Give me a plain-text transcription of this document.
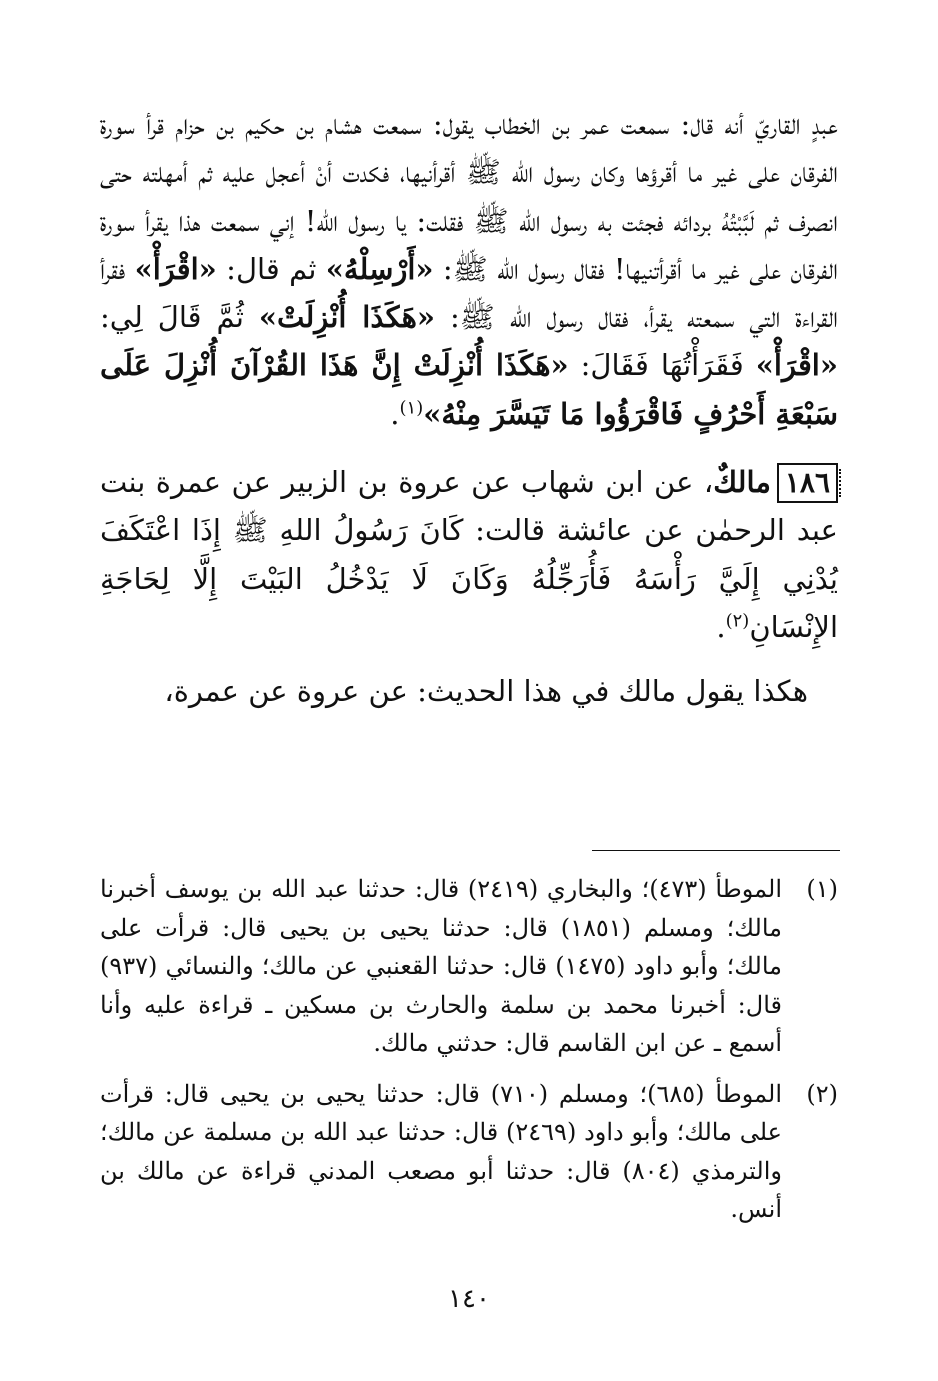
عبدٍ القاريّ أنه قال: سمعت عمر بن الخطاب يقول: سمعت هشام بن حكيم بن حزام قرأ سورة الفرقان على غير ما أقرؤها وكان رسول الله ﷺ أقرأنيها، فكدت أنْ أعجل عليه ثم أمهلته حتى انصرف ثم لَبَّبْتُهُ بردائه فجئت به رسول الله ﷺ فقلت: يا رسول الله! إني سمعت هذا يقرأ سورة الفرقان على غير ما أقرأتنيها! فقال رسول الله ﷺ: «أَرْسِلْهُ» ثم قال: «اقْرَأْ» فقرأ القراءة التي سمعته يقرأ، فقال رسول الله ﷺ: «هَكَذَا أُنْزِلَتْ» ثُمَّ قَالَ لِي: «اقْرَأْ» فَقَرَأْتُهَا فَقَالَ: «هَكَذَا أُنْزِلَتْ إِنَّ هَذَا القُرْآنَ أُنْزِلَ عَلَى سَبْعَةِ أَحْرُفٍ فَاقْرَؤُوا مَا تَيَسَّرَ مِنْهُ»$^{(١)}$.

١٨٦مالكٌ، عن ابن شهاب عن عروة بن الزبير عن عمرة بنت عبد الرحمٰن عن عائشة قالت: كَانَ رَسُولُ اللهِ ﷺ إِذَا اعْتَكَفَ يُدْنِي إِلَيَّ رَأْسَهُ فَأُرَجِّلُهُ وَكَانَ لَا يَدْخُلُ البَيْتَ إِلَّا لِحَاجَةِ الإِنْسَانِ$^{(٢)}$.

هكذا يقول مالك في هذا الحديث: عن عروة عن عمرة،

(١)
الموطأ (٤٧٣)؛ والبخاري (٢٤١٩) قال: حدثنا عبد الله بن يوسف أخبرنا مالك؛ ومسلم (١٨٥١) قال: حدثنا يحيى بن يحيى قال: قرأت على مالك؛ وأبو داود (١٤٧٥) قال: حدثنا القعنبي عن مالك؛ والنسائي (٩٣٧) قال: أخبرنا محمد بن سلمة والحارث بن مسكين ـ قراءة عليه وأنا أسمع ـ عن ابن القاسم قال: حدثني مالك.
(٢)
الموطأ (٦٨٥)؛ ومسلم (٧١٠) قال: حدثنا يحيى بن يحيى قال: قرأت على مالك؛ وأبو داود (٢٤٦٩) قال: حدثنا عبد الله بن مسلمة عن مالك؛ والترمذي (٨٠٤) قال: حدثنا أبو مصعب المدني قراءة عن مالك بن أنس.
١٤٠
